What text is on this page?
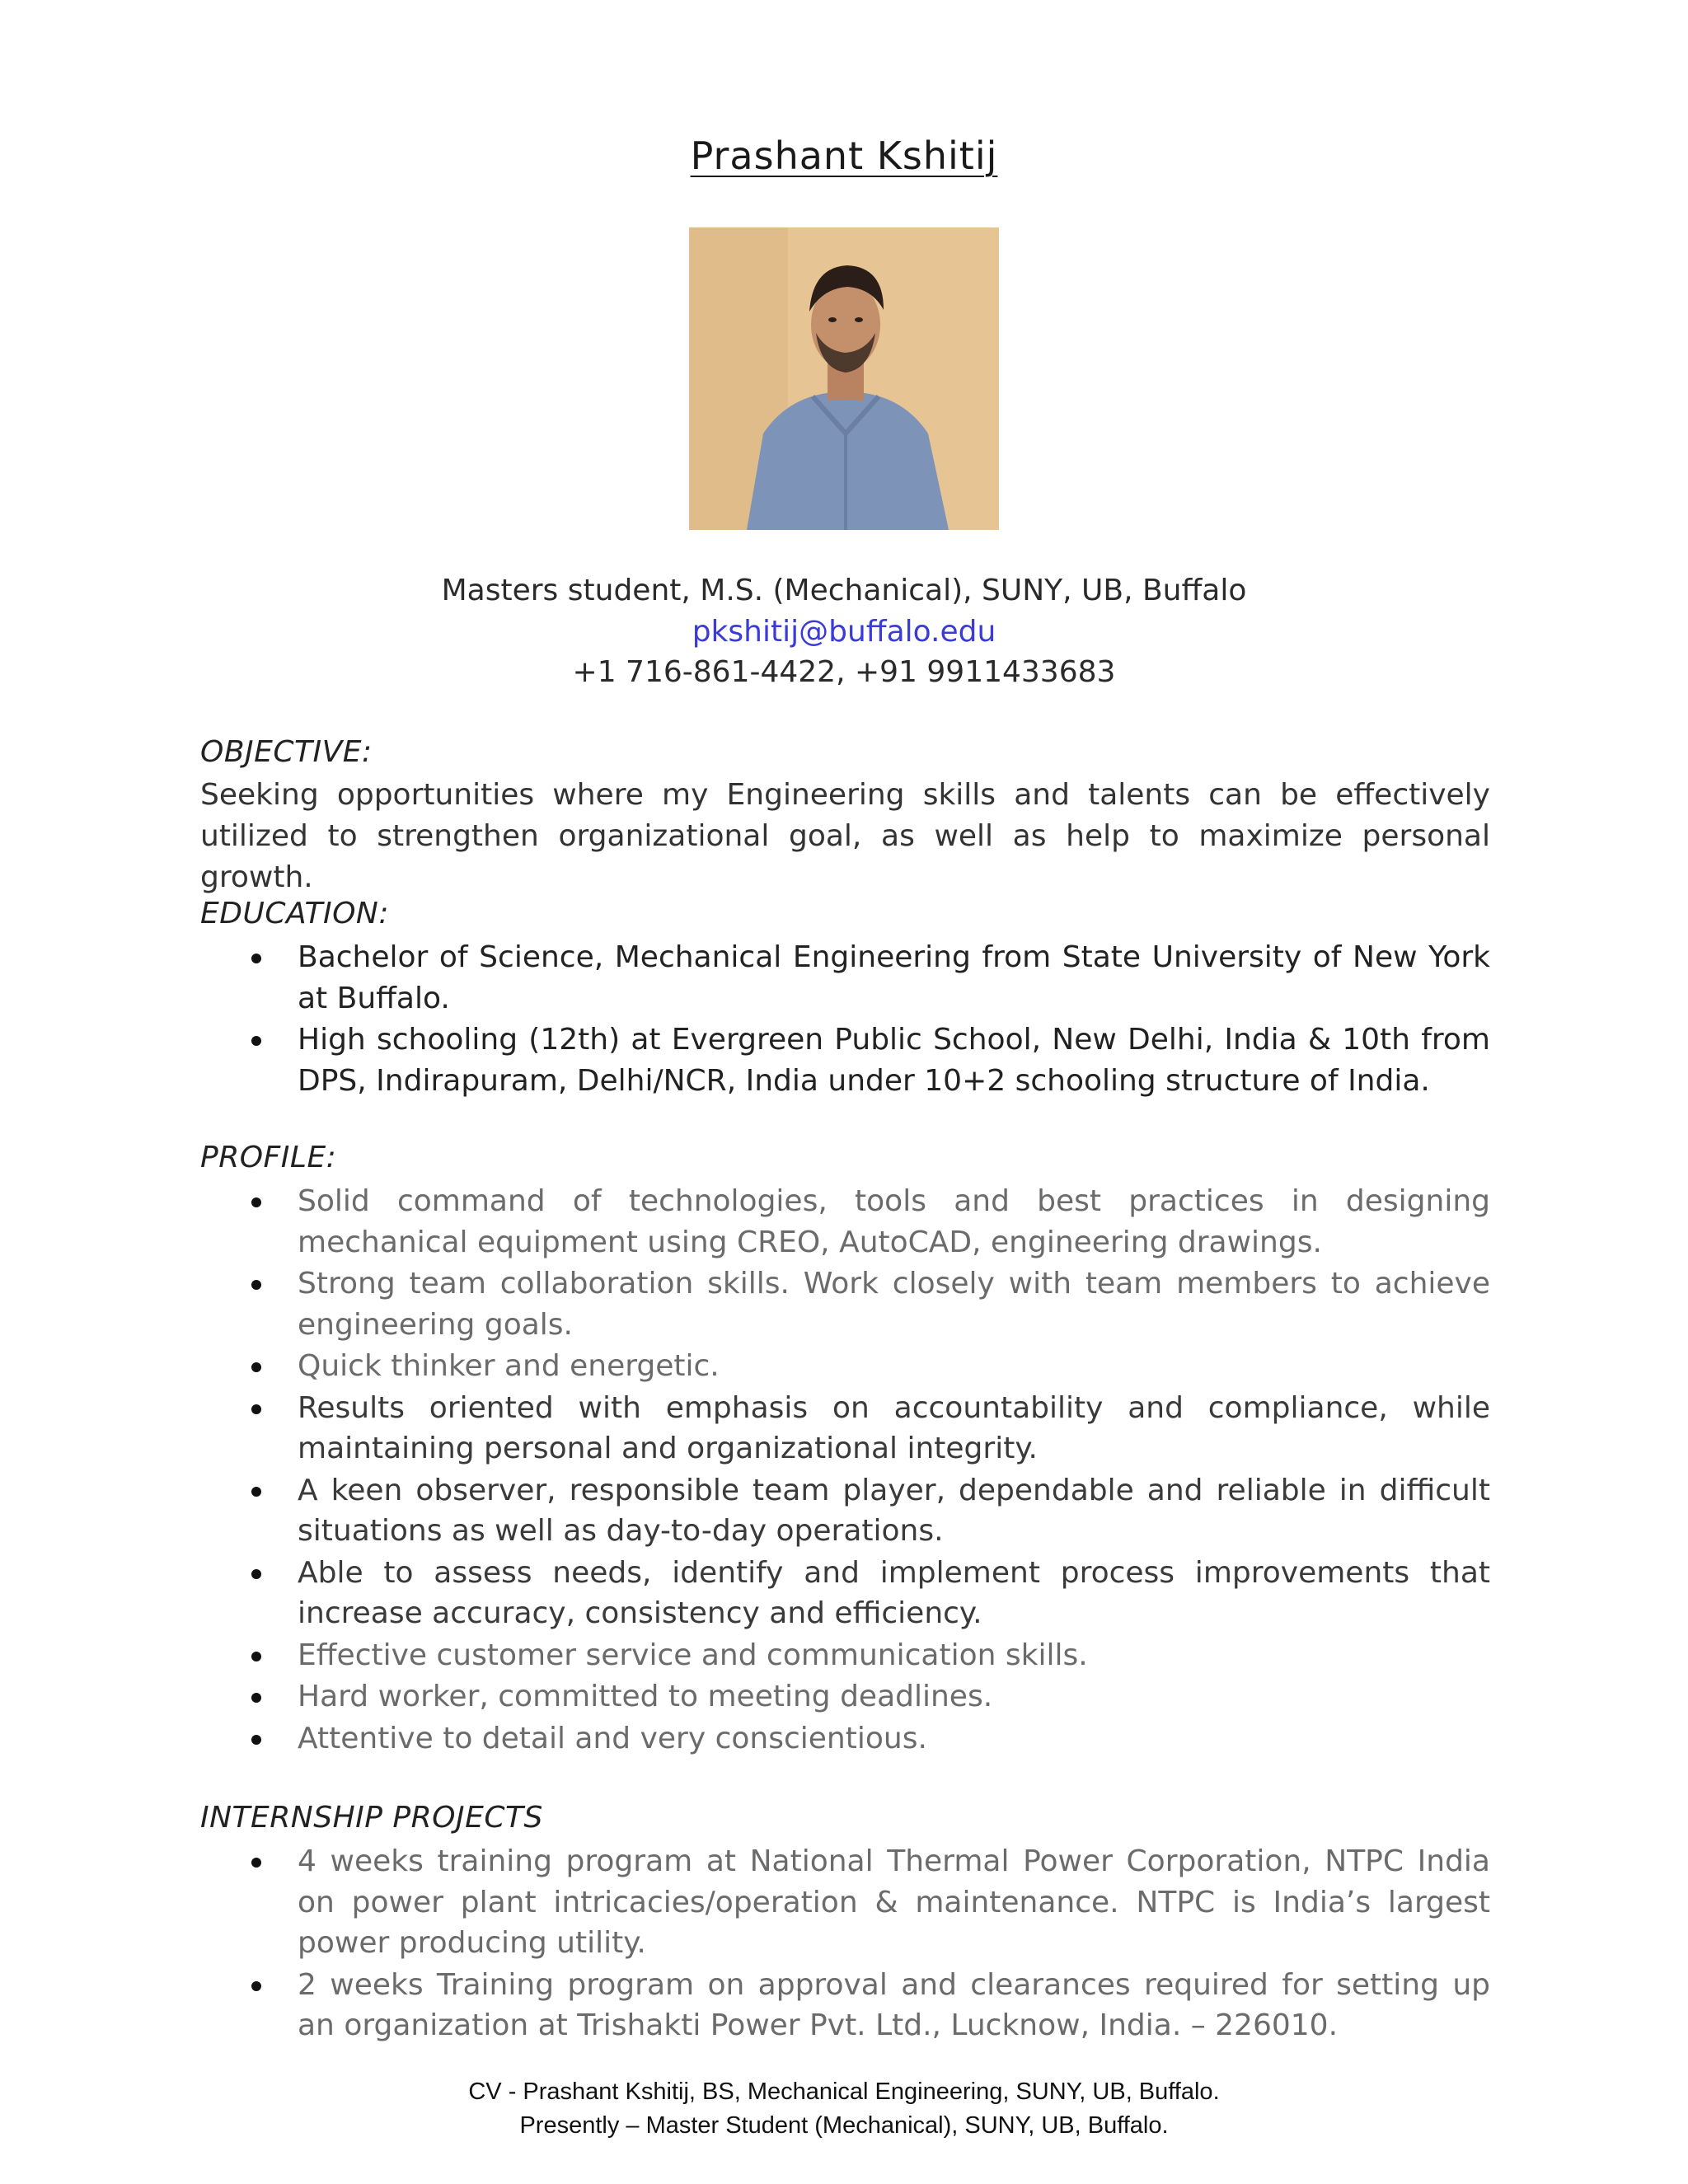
Prashant Kshitij
Masters student, M.S. (Mechanical), SUNY, UB, Buffalo
pkshitij@buffalo.edu
+1 716-861-4422, +91 9911433683
OBJECTIVE:
Seeking opportunities where my Engineering skills and talents can be effectively utilized to strengthen organizational goal, as well as help to maximize personal growth.
EDUCATION:
Bachelor of Science, Mechanical Engineering from State University of New York at Buffalo.
High schooling (12th) at Evergreen Public School, New Delhi, India & 10th from DPS, Indirapuram, Delhi/NCR, India under 10+2 schooling structure of India.
PROFILE:
Solid command of technologies, tools and best practices in designing mechanical equipment using CREO, AutoCAD, engineering drawings.
Strong team collaboration skills. Work closely with team members to achieve engineering goals.
Quick thinker and energetic.
Results oriented with emphasis on accountability and compliance, while maintaining personal and organizational integrity.
A keen observer, responsible team player, dependable and reliable in difficult situations as well as day-to-day operations.
Able to assess needs, identify and implement process improvements that increase accuracy, consistency and efficiency.
Effective customer service and communication skills.
Hard worker, committed to meeting deadlines.
Attentive to detail and very conscientious.
INTERNSHIP PROJECTS
4 weeks training program at National Thermal Power Corporation, NTPC India on power plant intricacies/operation & maintenance. NTPC is India’s largest power producing utility.
2 weeks Training program on approval and clearances required for setting up an organization at Trishakti Power Pvt. Ltd., Lucknow, India. – 226010.
CV - Prashant Kshitij, BS, Mechanical Engineering, SUNY, UB, Buffalo.
Presently – Master Student (Mechanical), SUNY, UB, Buffalo.
